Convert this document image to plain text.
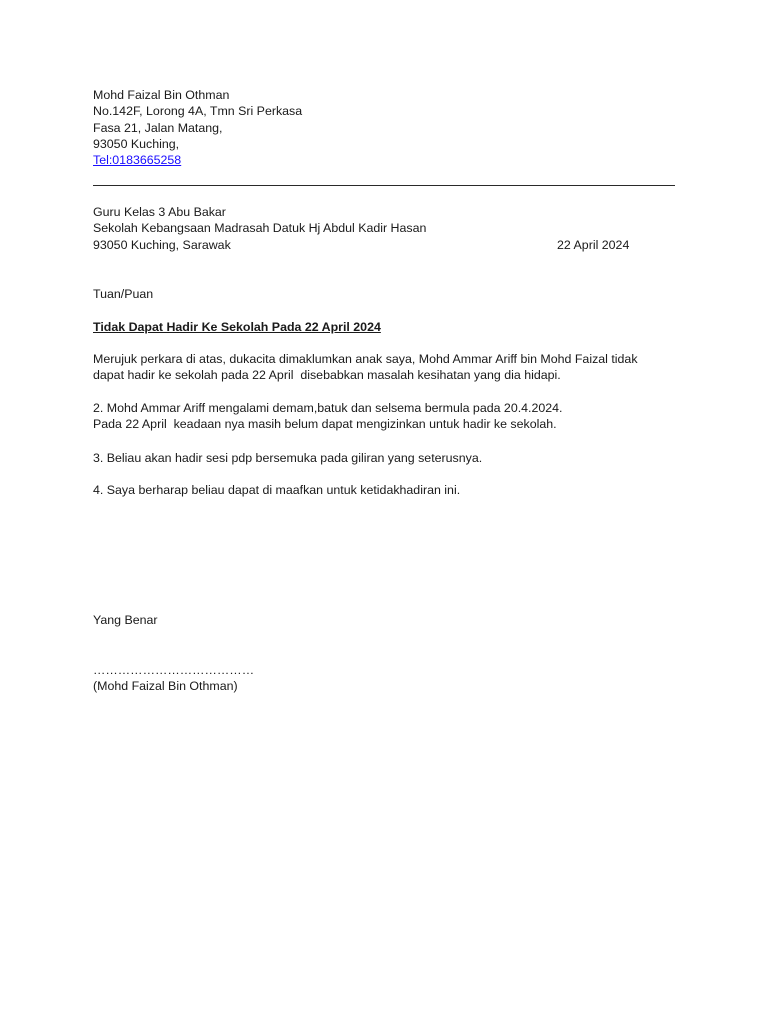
Mohd Faizal Bin Othman
No.142F, Lorong 4A, Tmn Sri Perkasa
Fasa 21, Jalan Matang,
93050 Kuching,
Tel:0183665258
Guru Kelas 3 Abu Bakar
Sekolah Kebangsaan Madrasah Datuk Hj Abdul Kadir Hasan
93050 Kuching, Sarawak	22 April 2024
Tuan/Puan
Tidak Dapat Hadir Ke Sekolah Pada 22 April 2024
Merujuk perkara di atas, dukacita dimaklumkan anak saya, Mohd Ammar Ariff bin Mohd Faizal tidak
dapat hadir ke sekolah pada 22 April  disebabkan masalah kesihatan yang dia hidapi.
2. Mohd Ammar Ariff mengalami demam,batuk dan selsema bermula pada 20.4.2024.
Pada 22 April  keadaan nya masih belum dapat mengizinkan untuk hadir ke sekolah.
3. Beliau akan hadir sesi pdp bersemuka pada giliran yang seterusnya.
4. Saya berharap beliau dapat di maafkan untuk ketidakhadiran ini.
Yang Benar
…………………………………
(Mohd Faizal Bin Othman)
